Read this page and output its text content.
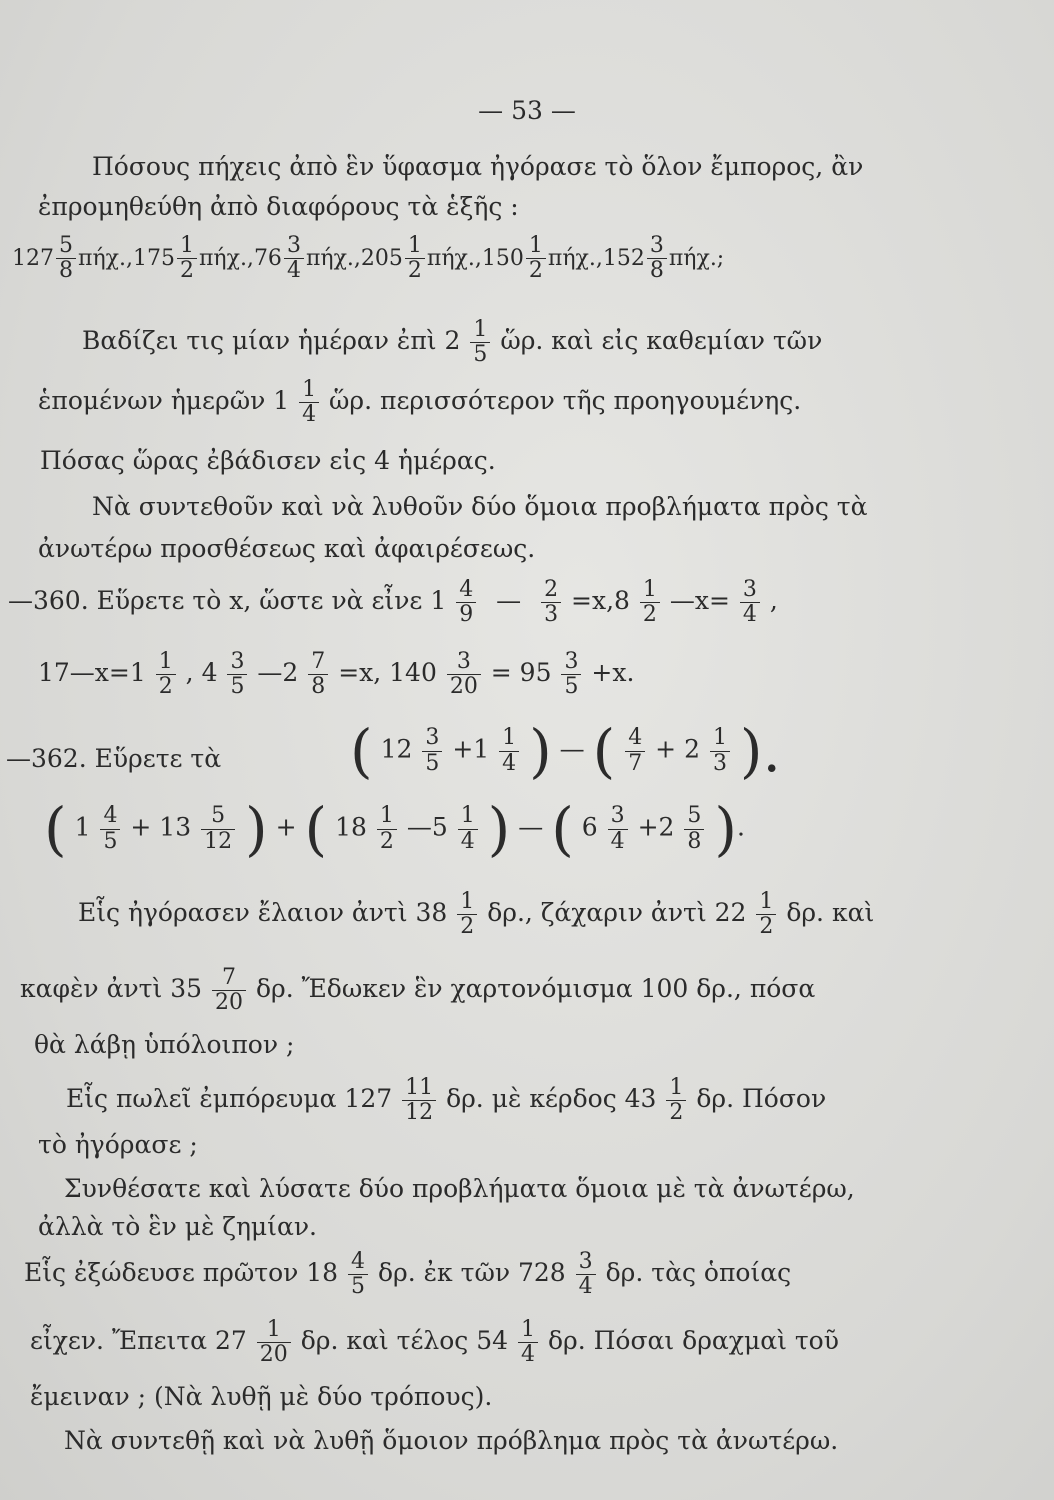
— 53 —
Πόσους πήχεις ἀπὸ ἓν ὕφασμα ἠγόρασε τὸ ὅλον ἔμπορος, ἂν
ἐπρομηθεύθη ἀπὸ διαφόρους τὰ ἑξῆς :
$127 \frac{5}{8} \pi ή\chi$., $175 \frac{1}{2} \pi ή\chi$., $76 \frac{3}{4} \pi ή\chi$., $205 \frac{1}{2} \pi ή\chi$., $150 \frac{1}{2} \pi ή\chi$., $152 \frac{3}{8} \pi ή\chi$.;
Βαδίζει τις μίαν ἡμέραν ἐπὶ $2 \frac{1}{5}$ ὥρ. καὶ εἰς καθεμίαν τῶν
ἑπομένων ἡμερῶν $1 \frac{1}{4}$ ὥρ. περισσότερον τῆς προηγουμένης.
Πόσας ὥρας ἐβάδισεν εἰς 4 ἡμέρας.
Νὰ συντεθοῦν καὶ νὰ λυθοῦν δύο ὅμοια προβλήματα πρὸς τὰ
ἀνωτέρω προσθέσεως καὶ ἀφαιρέσεως.
—360. Εὕρετε τὸ x, ὥστε νὰ εἶνε $1 \frac{4}{9}$ — $\frac{2}{3} =x,8 \frac{1}{2}$ —x= $\frac{3}{4}$ ,
17—x=1 $\frac{1}{2}$ , $4 \frac{3}{5}$ —2 $\frac{7}{8} =x$, $140 \frac{3}{20} = 95 \frac{3}{5} +x$.
—362. Εὕρετε τὰ ( $12 \frac{3}{5} +1 \frac{1}{4}$ ) — ( $\frac{4}{7} + 2 \frac{1}{3}$ ).
( $1 \frac{4}{5} + 13 \frac{5}{12}$ ) + ( $18 \frac{1}{2}$ —5 $\frac{1}{4}$ ) — ( $6 \frac{3}{4} +2 \frac{5}{8}$ ).
Εἷς ἠγόρασεν ἔλαιον ἀντὶ $38 \frac{1}{2} \delta\rho$., ζάχαριν ἀντὶ $22 \frac{1}{2} \delta\rho$. καὶ
καφὲν ἀντὶ $35 \frac{7}{20} \delta\rho$. Ἔδωκεν ἓν χαρτονόμισμα 100 δρ., πόσα
θὰ λάβῃ ὑπόλοιπον ;
Εἷς πωλεῖ ἐμπόρευμα $127 \frac{11}{12} \delta\rho$. μὲ κέρδος $43 \frac{1}{2} \delta\rho$. Πόσον
τὸ ἠγόρασε ;
Συνθέσατε καὶ λύσατε δύο προβλήματα ὅμοια μὲ τὰ ἀνωτέρω,
ἀλλὰ τὸ ἓν μὲ ζημίαν.
Εἷς ἐξώδευσε πρῶτον $18 \frac{4}{5} \delta\rho$. ἐκ τῶν $728 \frac{3}{4} \delta\rho$. τὰς ὁποίας
εἶχεν. Ἔπειτα $27 \frac{1}{20} \delta\rho$. καὶ τέλος $54 \frac{1}{4} \delta\rho$. Πόσαι δραχμαὶ τοῦ
ἔμειναν ; (Νὰ λυθῇ μὲ δύο τρόπους).
Νὰ συντεθῇ καὶ νὰ λυθῇ ὅμοιον πρόβλημα πρὸς τὰ ἀνωτέρω.
